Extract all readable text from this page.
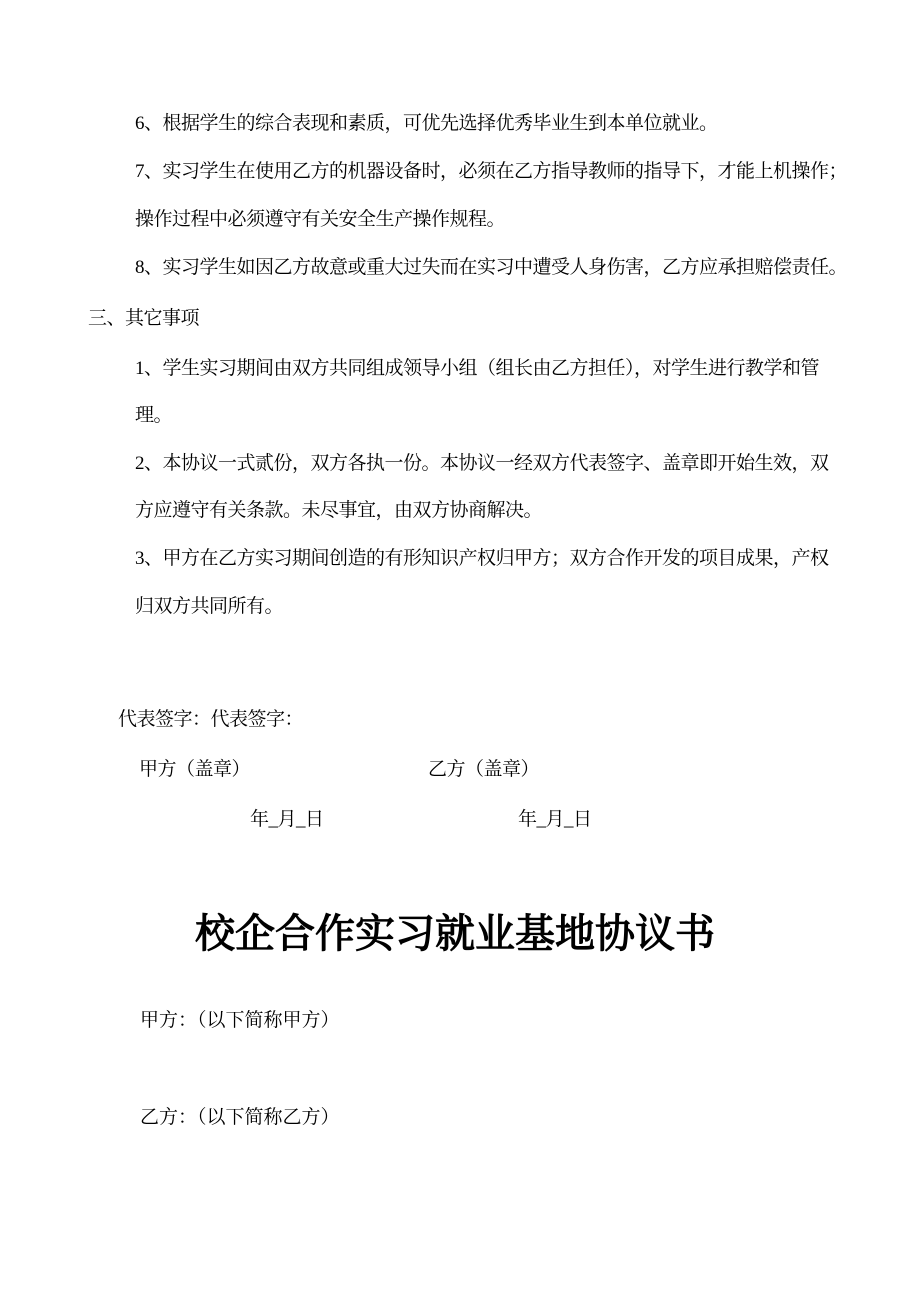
6、根据学生的综合表现和素质，可优先选择优秀毕业生到本单位就业。
7、实习学生在使用乙方的机器设备时，必须在乙方指导教师的指导下，才能上机操作；
操作过程中必须遵守有关安全生产操作规程。
8、实习学生如因乙方故意或重大过失而在实习中遭受人身伤害，乙方应承担赔偿责任。
三、其它事项
1、学生实习期间由双方共同组成领导小组（组长由乙方担任），对学生进行教学和管
理。
2、本协议一式贰份，双方各执一份。本协议一经双方代表签字、盖章即开始生效，双
方应遵守有关条款。未尽事宜，由双方协商解决。
3、甲方在乙方实习期间创造的有形知识产权归甲方；双方合作开发的项目成果，产权
归双方共同所有。
代表签字：代表签字：
甲方（盖章）	乙方（盖章）
年_月_日	年_月_日
校企合作实习就业基地协议书
甲方：（以下简称甲方）
乙方：（以下简称乙方）
